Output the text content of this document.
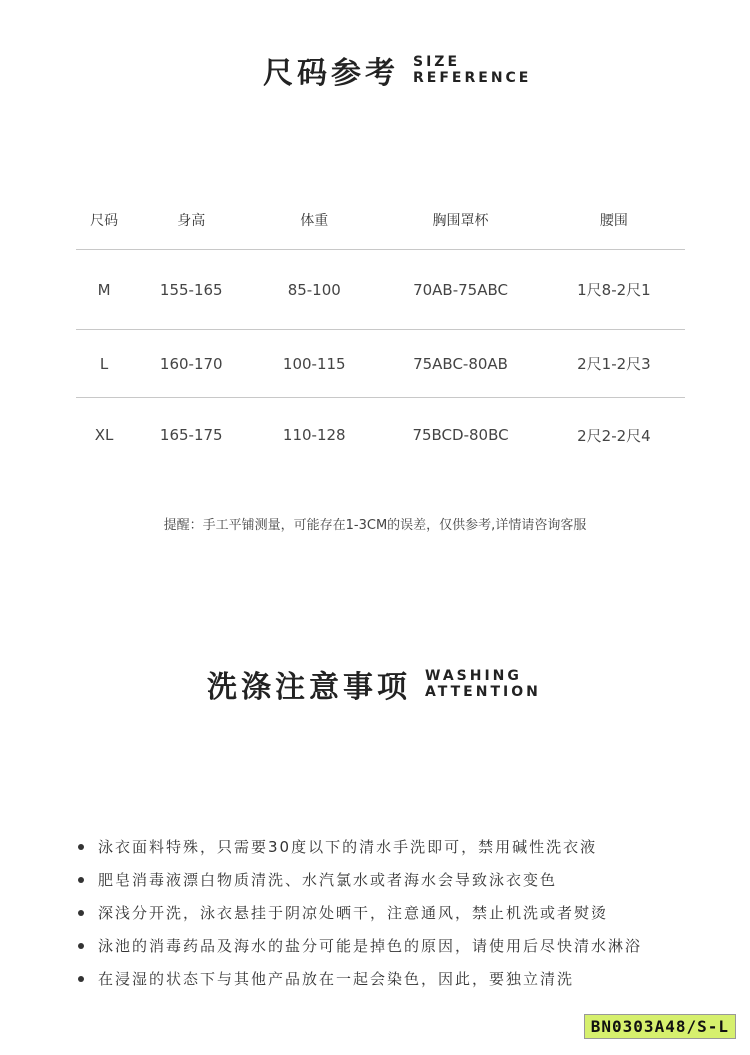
尺码参考 SIZE
REFERENCE
尺码	身高	体重	胸围罩杯	腰围
M	155-165	85-100	70AB-75ABC	1尺8-2尺1
L	160-170	100-115	75ABC-80AB	2尺1-2尺3
XL	165-175	110-128	75BCD-80BC	2尺2-2尺4
提醒：手工平铺测量，可能存在1-3CM的误差，仅供参考,详情请咨询客服
洗涤注意事项 WASHING
ATTENTION
泳衣面料特殊，只需要30度以下的清水手洗即可，禁用碱性洗衣液
肥皂消毒液漂白物质清洗、水汽氯水或者海水会导致泳衣变色
深浅分开洗，泳衣悬挂于阴凉处晒干，注意通风，禁止机洗或者熨烫
泳池的消毒药品及海水的盐分可能是掉色的原因，请使用后尽快清水淋浴
在浸湿的状态下与其他产品放在一起会染色，因此，要独立清洗
BN0303A48/S-L
